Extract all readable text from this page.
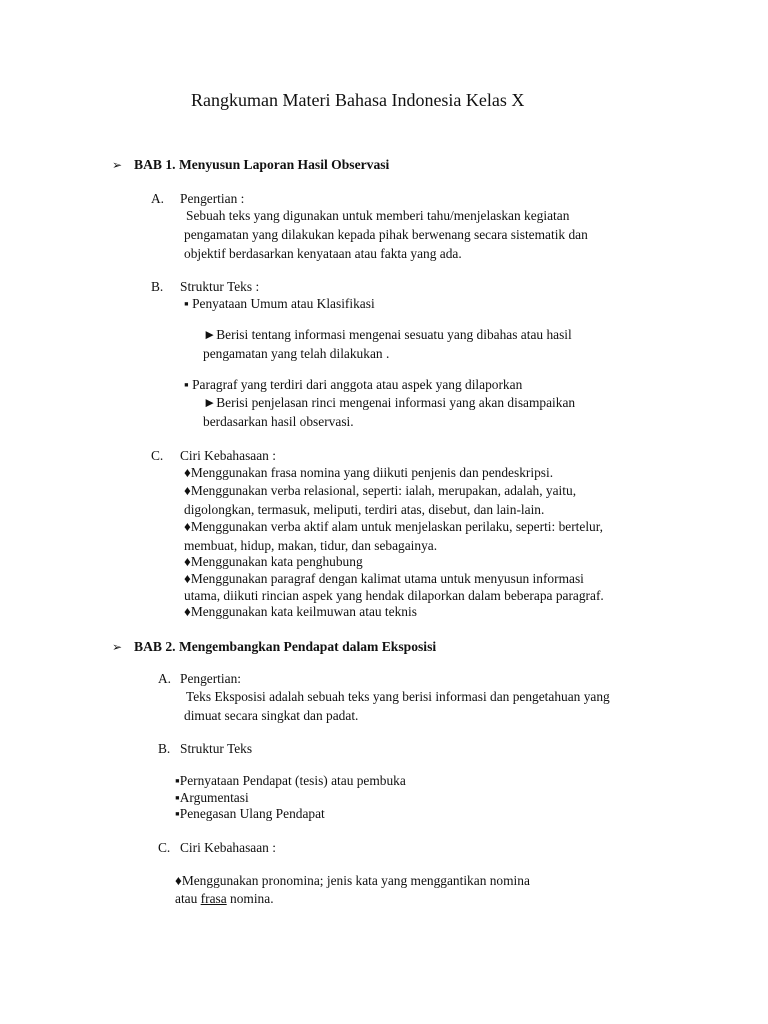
Rangkuman Materi Bahasa Indonesia Kelas X
➢ BAB 1. Menyusun Laporan Hasil Observasi
A. Pengertian :
Sebuah teks yang digunakan untuk memberi tahu/menjelaskan kegiatan
pengamatan yang dilakukan kepada pihak berwenang secara sistematik dan
objektif berdasarkan kenyataan atau fakta yang ada.
B. Struktur Teks :
▪ Penyataan Umum atau Klasifikasi
►Berisi tentang informasi mengenai sesuatu yang dibahas atau hasil
pengamatan yang telah dilakukan .
▪ Paragraf yang terdiri dari anggota atau aspek yang dilaporkan
►Berisi penjelasan rinci mengenai informasi yang akan disampaikan
berdasarkan hasil observasi.
C. Ciri Kebahasaan :
♦Menggunakan frasa nomina yang diikuti penjenis dan pendeskripsi.
♦Menggunakan verba relasional, seperti: ialah, merupakan, adalah, yaitu,
digolongkan, termasuk, meliputi, terdiri atas, disebut, dan lain-lain.
♦Menggunakan verba aktif alam untuk menjelaskan perilaku, seperti: bertelur,
membuat, hidup, makan, tidur, dan sebagainya.
♦Menggunakan kata penghubung
♦Menggunakan paragraf dengan kalimat utama untuk menyusun informasi
utama, diikuti rincian aspek yang hendak dilaporkan dalam beberapa paragraf.
♦Menggunakan kata keilmuwan atau teknis
➢ BAB 2. Mengembangkan Pendapat dalam Eksposisi
A. Pengertian:
Teks Eksposisi adalah sebuah teks yang berisi informasi dan pengetahuan yang
dimuat secara singkat dan padat.
B. Struktur Teks
▪Pernyataan Pendapat (tesis) atau pembuka
▪Argumentasi
▪Penegasan Ulang Pendapat
C. Ciri Kebahasaan :
♦Menggunakan pronomina; jenis kata yang menggantikan nomina
atau frasa nomina.
